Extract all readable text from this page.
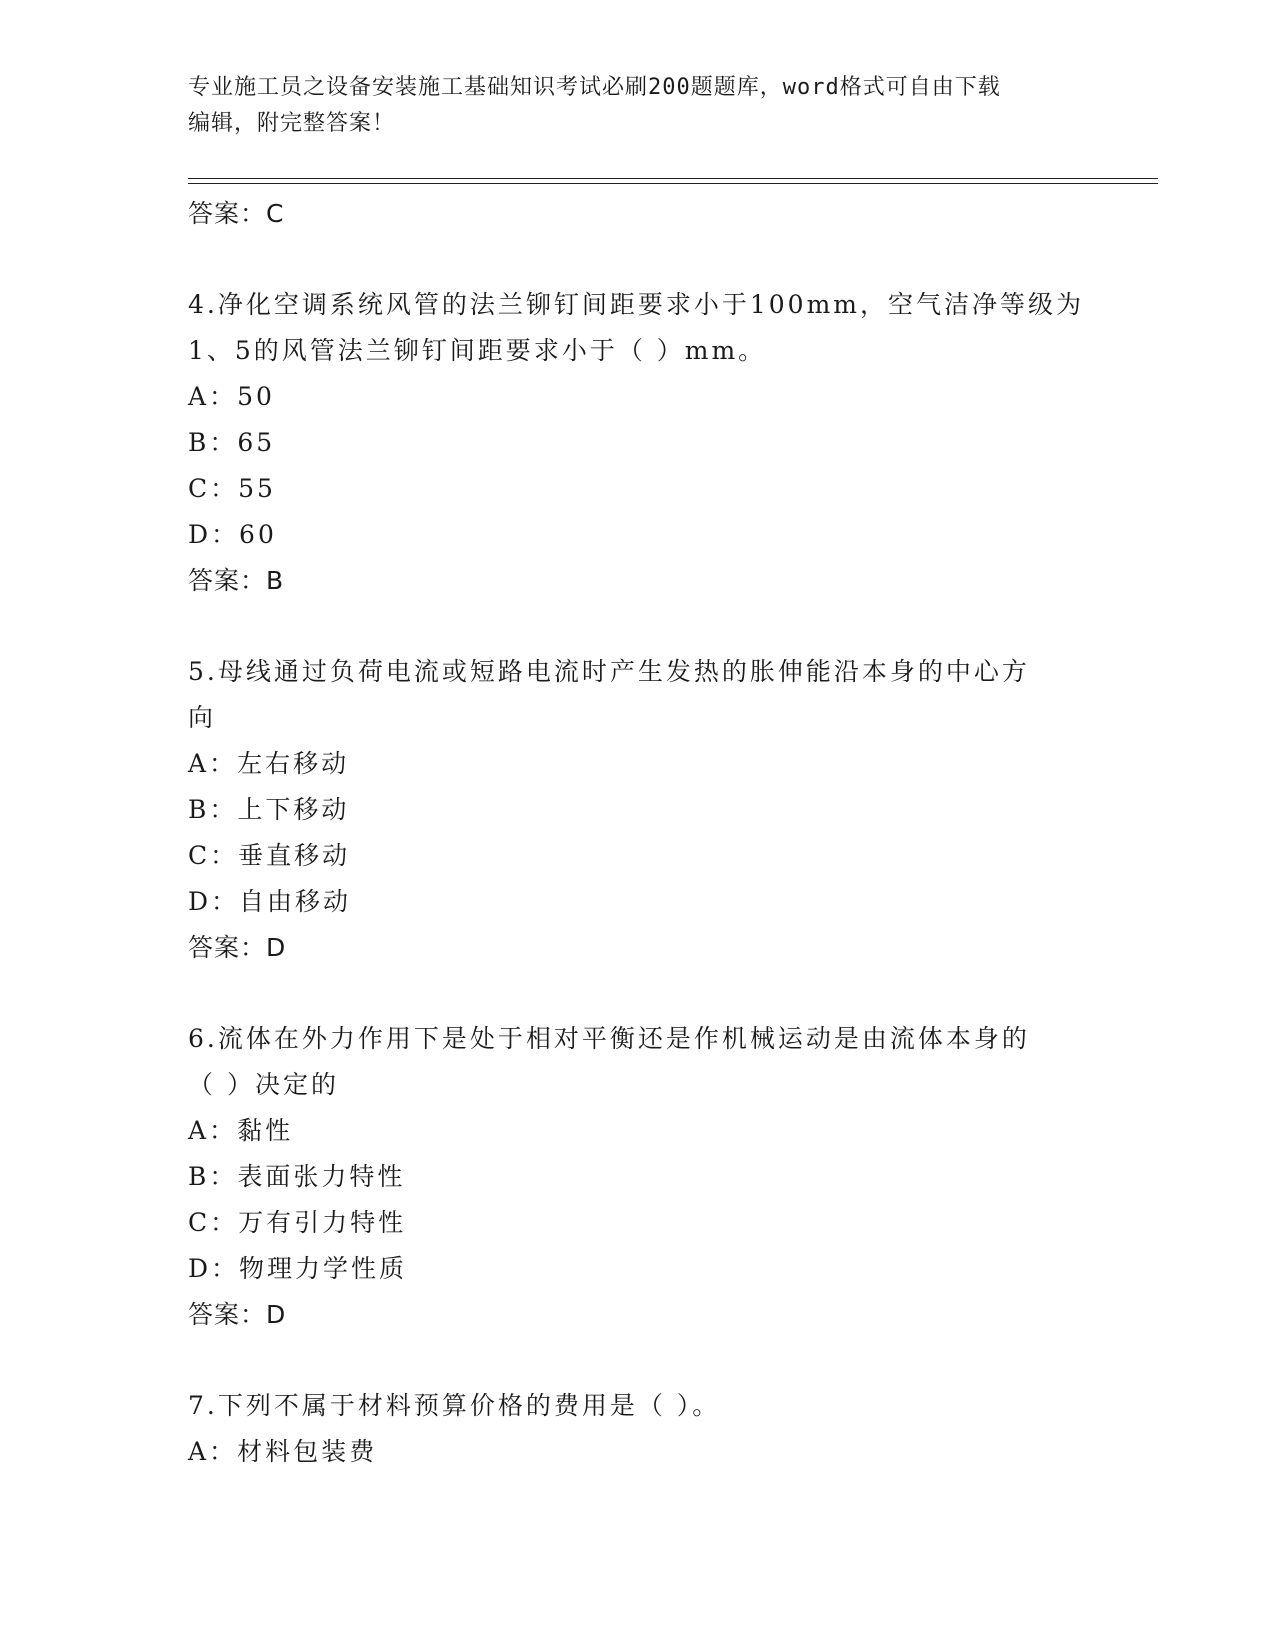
专业施工员之设备安装施工基础知识考试必刷200题题库，word格式可自由下载
编辑，附完整答案！
答案：C
4.净化空调系统风管的法兰铆钉间距要求小于100mm，空气洁净等级为
1、5的风管法兰铆钉间距要求小于（ ）mm。
A：50
B：65
C：55
D：60
答案：B
5.母线通过负荷电流或短路电流时产生发热的胀伸能沿本身的中心方
向
A：左右移动
B：上下移动
C：垂直移动
D：自由移动
答案：D
6.流体在外力作用下是处于相对平衡还是作机械运动是由流体本身的
（ ）决定的
A：黏性
B：表面张力特性
C：万有引力特性
D：物理力学性质
答案：D
7.下列不属于材料预算价格的费用是（ ）。
A：材料包装费
